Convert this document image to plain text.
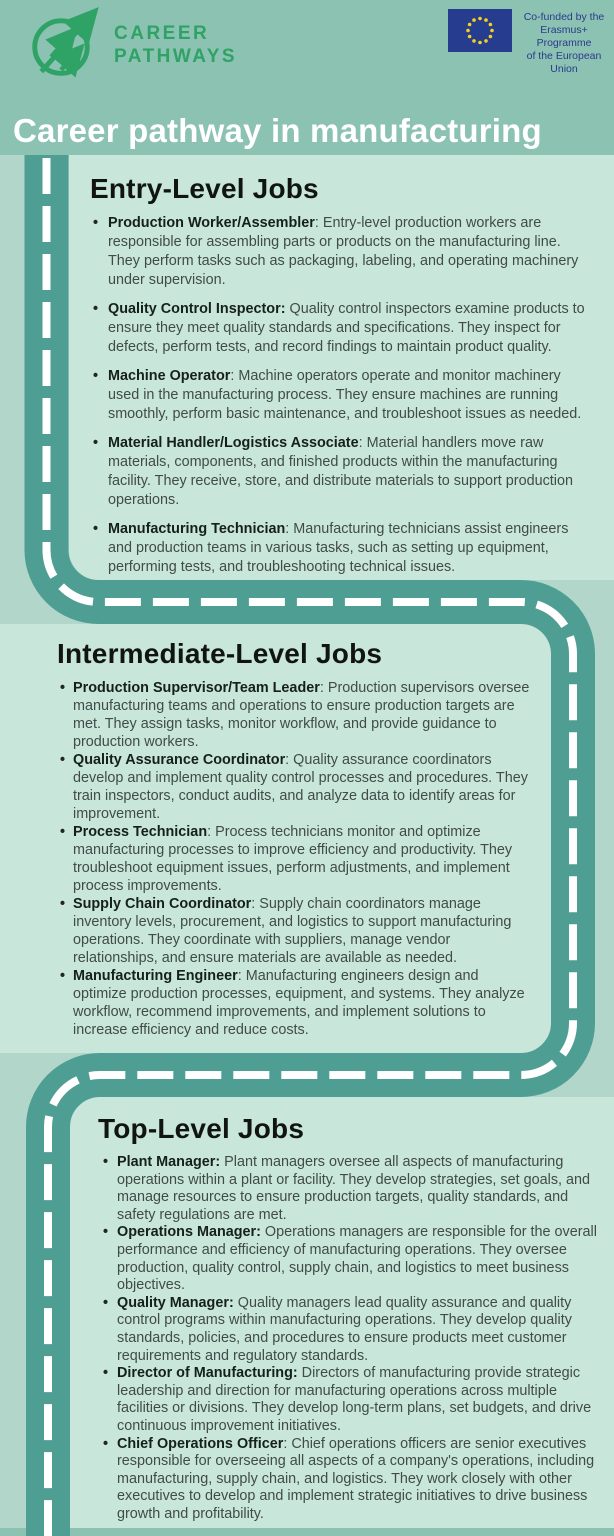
Entry-Level Jobs
• Production Worker/Assembler: Entry-level production workers are responsible for assembling parts or products on the manufacturing line. They perform tasks such as packaging, labeling, and operating machinery under supervision.
• Quality Control Inspector: Quality control inspectors examine products to ensure they meet quality standards and specifications. They inspect for defects, perform tests, and record findings to maintain product quality.
• Machine Operator: Machine operators operate and monitor machinery used in the manufacturing process. They ensure machines are running smoothly, perform basic maintenance, and troubleshoot issues as needed.
• Material Handler/Logistics Associate: Material handlers move raw materials, components, and finished products within the manufacturing facility. They receive, store, and distribute materials to support production operations.
• Manufacturing Technician: Manufacturing technicians assist engineers and production teams in various tasks, such as setting up equipment, performing tests, and troubleshooting technical issues.
Intermediate-Level Jobs
• Production Supervisor/Team Leader: Production supervisors oversee manufacturing teams and operations to ensure production targets are met. They assign tasks, monitor workflow, and provide guidance to production workers.
• Quality Assurance Coordinator: Quality assurance coordinators develop and implement quality control processes and procedures. They train inspectors, conduct audits, and analyze data to identify areas for improvement.
• Process Technician: Process technicians monitor and optimize manufacturing processes to improve efficiency and productivity. They troubleshoot equipment issues, perform adjustments, and implement process improvements.
• Supply Chain Coordinator: Supply chain coordinators manage inventory levels, procurement, and logistics to support manufacturing operations. They coordinate with suppliers, manage vendor relationships, and ensure materials are available as needed.
• Manufacturing Engineer: Manufacturing engineers design and optimize production processes, equipment, and systems. They analyze workflow, recommend improvements, and implement solutions to increase efficiency and reduce costs.
Top-Level Jobs
• Plant Manager: Plant managers oversee all aspects of manufacturing operations within a plant or facility. They develop strategies, set goals, and manage resources to ensure production targets, quality standards, and safety regulations are met.
• Operations Manager: Operations managers are responsible for the overall performance and efficiency of manufacturing operations. They oversee production, quality control, supply chain, and logistics to meet business objectives.
• Quality Manager: Quality managers lead quality assurance and quality control programs within manufacturing operations. They develop quality standards, policies, and procedures to ensure products meet customer requirements and regulatory standards.
• Director of Manufacturing: Directors of manufacturing provide strategic leadership and direction for manufacturing operations across multiple facilities or divisions. They develop long-term plans, set budgets, and drive continuous improvement initiatives.
• Chief Operations Officer: Chief operations officers are senior executives responsible for overseeing all aspects of a company's operations, including manufacturing, supply chain, and logistics. They work closely with other executives to develop and implement strategic initiatives to drive business growth and profitability.
CAREER
PATHWAYS
Co-funded by the
Erasmus+ Programme
of the European Union
Career pathway in manufacturing
